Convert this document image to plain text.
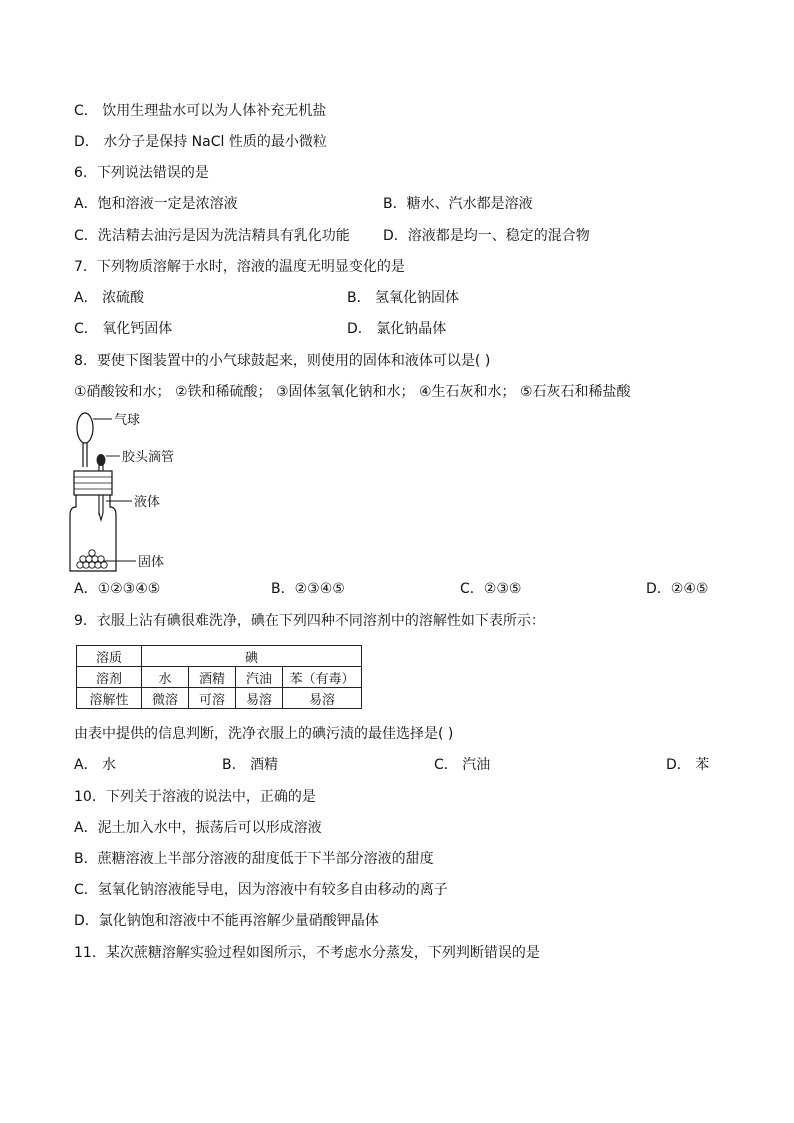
C． 饮用生理盐水可以为人体补充无机盐
D． 水分子是保持 NaCl 性质的最小微粒
6．下列说法错误的是
A．饱和溶液一定是浓溶液	B．糖水、汽水都是溶液
C．洗洁精去油污是因为洗洁精具有乳化功能 D．溶液都是均一、稳定的混合物
7．下列物质溶解于水时，溶液的温度无明显变化的是
A． 浓硫酸	B． 氢氧化钠固体
C． 氧化钙固体	D． 氯化钠晶体
8．要使下图装置中的小气球鼓起来，则使用的固体和液体可以是( )
①硝酸铵和水； ②铁和稀硫酸； ③固体氢氧化钠和水； ④生石灰和水； ⑤石灰石和稀盐酸
气球
胶头滴管
液体
固体
A．①②③④⑤	B．②③④⑤	C．②③⑤	D．②④⑤
9．衣服上沾有碘很难洗净，碘在下列四种不同溶剂中的溶解性如下表所示：
溶质	碘			
溶剂	水	酒精	汽油	苯（有毒）
溶解性	微溶	可溶	易溶	易溶
由表中提供的信息判断，洗净衣服上的碘污渍的最佳选择是( )
A． 水	B． 酒精	C． 汽油	D． 苯
10．下列关于溶液的说法中，正确的是
A．泥土加入水中，振荡后可以形成溶液
B．蔗糖溶液上半部分溶液的甜度低于下半部分溶液的甜度
C．氢氧化钠溶液能导电，因为溶液中有较多自由移动的离子
D．氯化钠饱和溶液中不能再溶解少量硝酸钾晶体
11．某次蔗糖溶解实验过程如图所示，不考虑水分蒸发，下列判断错误的是
